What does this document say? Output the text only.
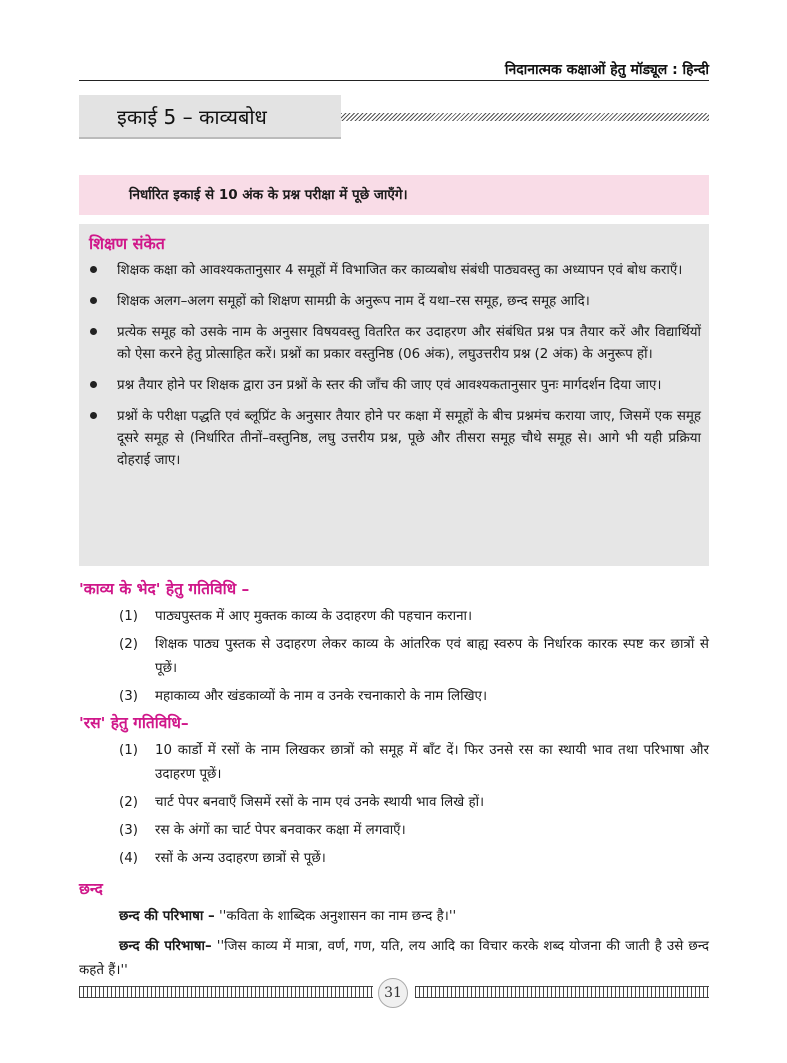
निदानात्मक कक्षाओं हेतु मॉड्यूल : हिन्दी
इकाई 5 – काव्यबोध
निर्धारित इकाई से 10 अंक के प्रश्न परीक्षा में पूछे जाएँगे।
शिक्षण संकेत
शिक्षक कक्षा को आवश्यकतानुसार 4 समूहों में विभाजित कर काव्यबोध संबंधी पाठ्यवस्तु का अध्यापन एवं बोध कराएँ।
शिक्षक अलग–अलग समूहों को शिक्षण सामग्री के अनुरूप नाम दें यथा–रस समूह, छन्द समूह आदि।
प्रत्येक समूह को उसके नाम के अनुसार विषयवस्तु वितरित कर उदाहरण और संबंधित प्रश्न पत्र तैयार करें और विद्यार्थियों को ऐसा करने हेतु प्रोत्साहित करें। प्रश्नों का प्रकार वस्तुनिष्ठ (06 अंक), लघुउत्तरीय प्रश्न (2 अंक) के अनुरूप हों।
प्रश्न तैयार होने पर शिक्षक द्वारा उन प्रश्नों के स्तर की जाँच की जाए एवं आवश्यकतानुसार पुनः मार्गदर्शन दिया जाए।
प्रश्नों के परीक्षा पद्धति एवं ब्लूप्रिंट के अनुसार तैयार होने पर कक्षा में समूहों के बीच प्रश्नमंच कराया जाए, जिसमें एक समूह दूसरे समूह से (निर्धारित तीनों–वस्तुनिष्ठ, लघु उत्तरीय प्रश्न, पूछे और तीसरा समूह चौथे समूह से। आगे भी यही प्रक्रिया दोहराई जाए।
'काव्य के भेद' हेतु गतिविधि –
(1) पाठ्यपुस्तक में आए मुक्तक काव्य के उदाहरण की पहचान कराना।
(2) शिक्षक पाठ्य पुस्तक से उदाहरण लेकर काव्य के आंतरिक एवं बाह्य स्वरुप के निर्धारक कारक स्पष्ट कर छात्रों से पूछें।
(3) महाकाव्य और खंडकाव्यों के नाम व उनके रचनाकारो के नाम लिखिए।
'रस' हेतु गतिविधि–
(1) 10 कार्डो में रसों के नाम लिखकर छात्रों को समूह में बाँट दें। फिर उनसे रस का स्थायी भाव तथा परिभाषा और उदाहरण पूछें।
(2) चार्ट पेपर बनवाएँ जिसमें रसों के नाम एवं उनके स्थायी भाव लिखे हों।
(3) रस के अंगों का चार्ट पेपर बनवाकर कक्षा में लगवाएँ।
(4) रसों के अन्य उदाहरण छात्रों से पूछें।
छन्द

छन्द की परिभाषा – ''कविता के शाब्दिक अनुशासन का नाम छन्द है।''

छन्द की परिभाषा– ''जिस काव्य में मात्रा, वर्ण, गण, यति, लय आदि का विचार करके शब्द योजना की जाती है उसे छन्द कहते हैं।''

31
